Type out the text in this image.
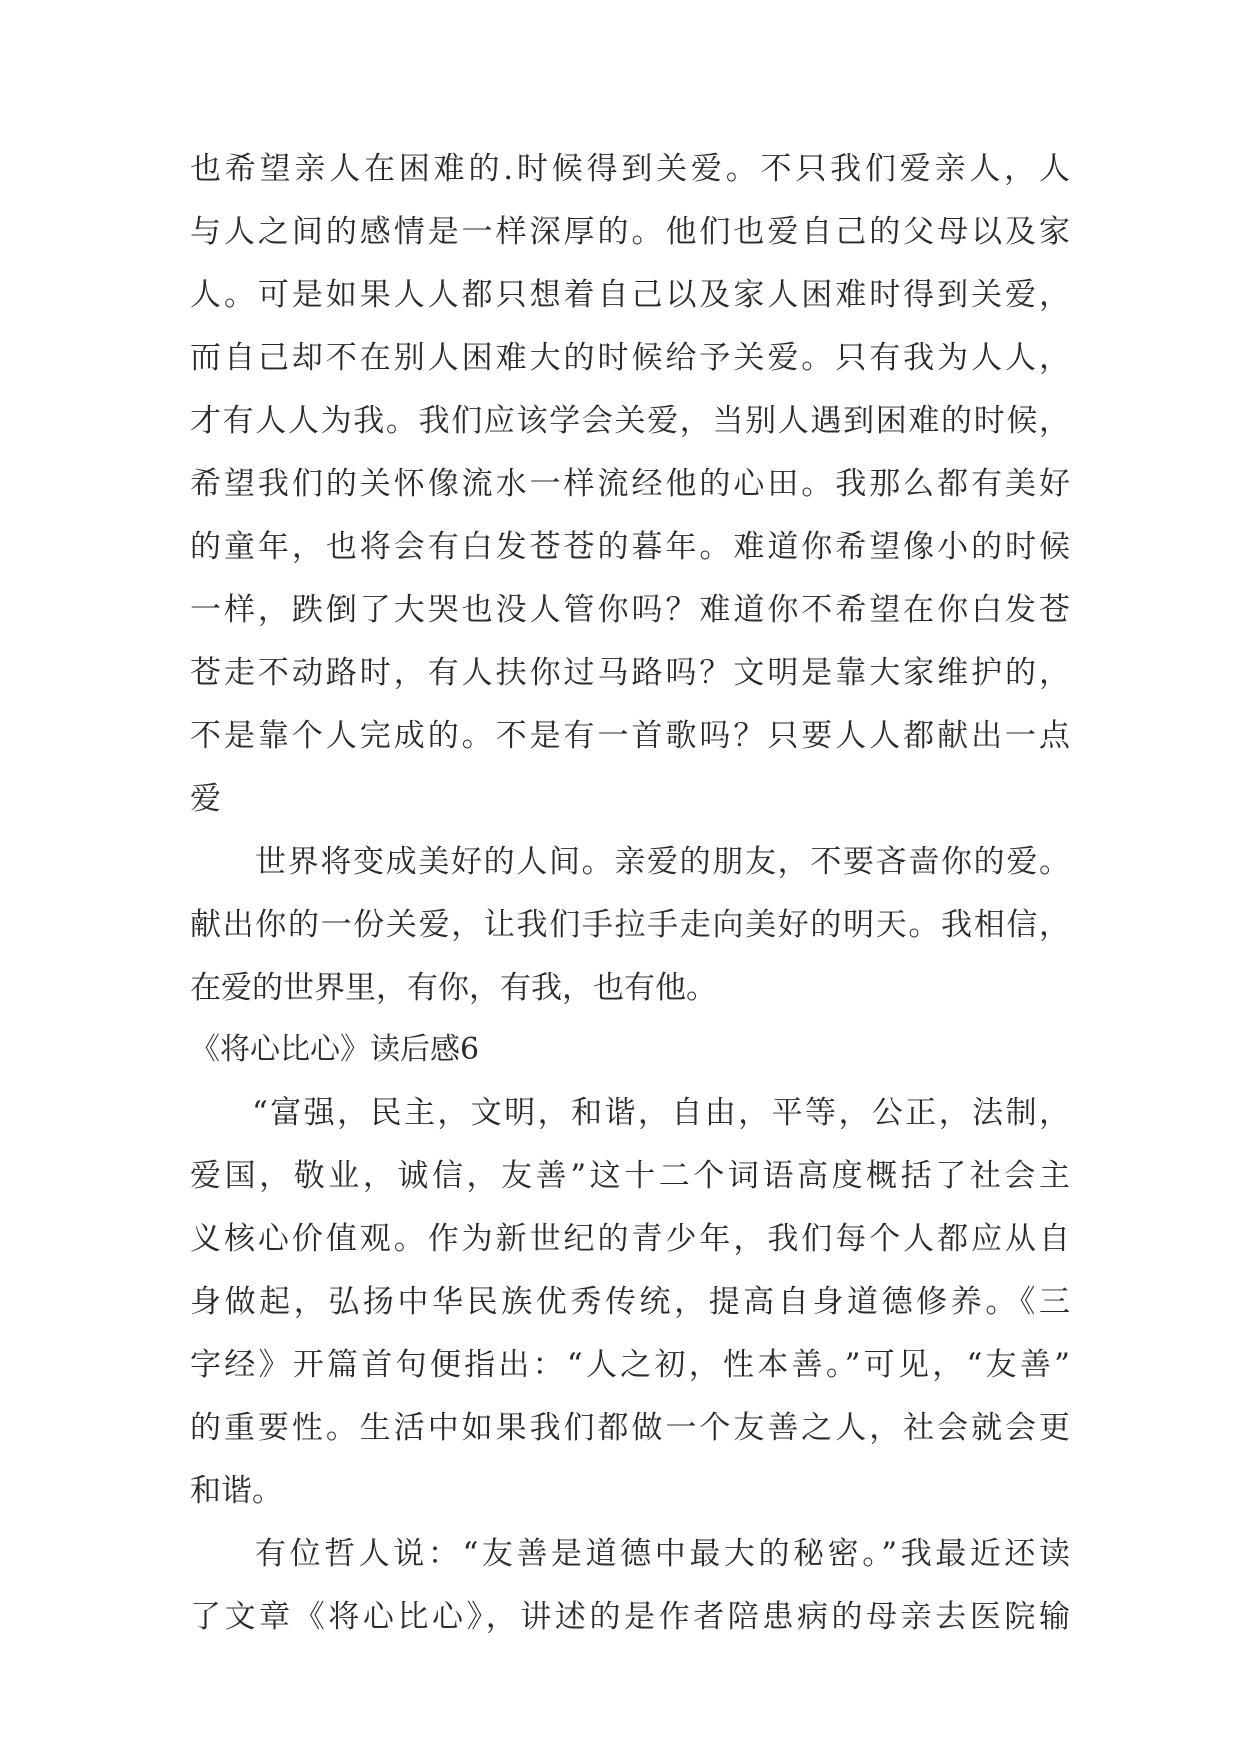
也希望亲人在困难的.时候得到关爱。不只我们爱亲人，人
与人之间的感情是一样深厚的。他们也爱自己的父母以及家
人。可是如果人人都只想着自己以及家人困难时得到关爱，
而自己却不在别人困难大的时候给予关爱。只有我为人人，
才有人人为我。我们应该学会关爱，当别人遇到困难的时候，
希望我们的关怀像流水一样流经他的心田。我那么都有美好
的童年，也将会有白发苍苍的暮年。难道你希望像小的时候
一样，跌倒了大哭也没人管你吗？难道你不希望在你白发苍
苍走不动路时，有人扶你过马路吗？文明是靠大家维护的，
不是靠个人完成的。不是有一首歌吗？只要人人都献出一点
爱
世界将变成美好的人间。亲爱的朋友，不要吝啬你的爱。
献出你的一份关爱，让我们手拉手走向美好的明天。我相信，
在爱的世界里，有你，有我，也有他。
《将心比心》读后感6
“富强，民主，文明，和谐，自由，平等，公正，法制，
爱国，敬业，诚信，友善”这十二个词语高度概括了社会主
义核心价值观。作为新世纪的青少年，我们每个人都应从自
身做起，弘扬中华民族优秀传统，提高自身道德修养。《三
字经》开篇首句便指出：“人之初，性本善。”可见，“友善”
的重要性。生活中如果我们都做一个友善之人，社会就会更
和谐。
有位哲人说：“友善是道德中最大的秘密。”我最近还读
了文章《将心比心》，讲述的是作者陪患病的母亲去医院输
